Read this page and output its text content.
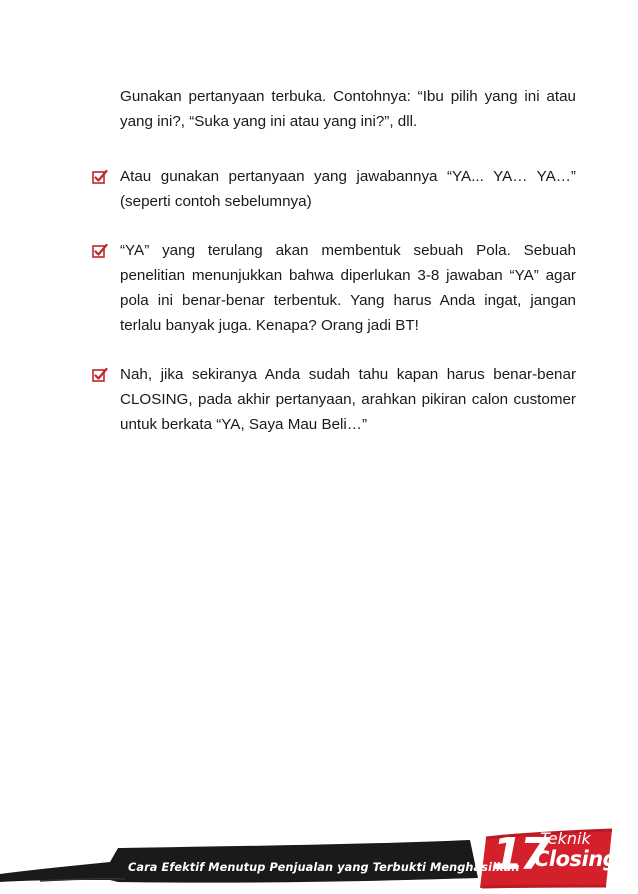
Gunakan pertanyaan terbuka. Contohnya: “Ibu pilih yang ini atau yang ini?, “Suka yang ini atau yang ini?”, dll.

Atau gunakan pertanyaan yang jawabannya “YA... YA… YA…” (seperti contoh sebelumnya)

“YA” yang terulang akan membentuk sebuah Pola. Sebuah penelitian menunjukkan bahwa diperlukan 3-8 jawaban “YA” agar pola ini benar-benar terbentuk. Yang harus Anda ingat, jangan terlalu banyak juga. Kenapa? Orang jadi BT!

Nah, jika sekiranya Anda sudah tahu kapan harus benar-benar CLOSING, pada akhir pertanyaan, arahkan pikiran calon customer untuk berkata “YA, Saya Mau Beli…”

Cara Efektif Menutup Penjualan yang Terbukti Menghasilkan
17
Teknik
Closing
